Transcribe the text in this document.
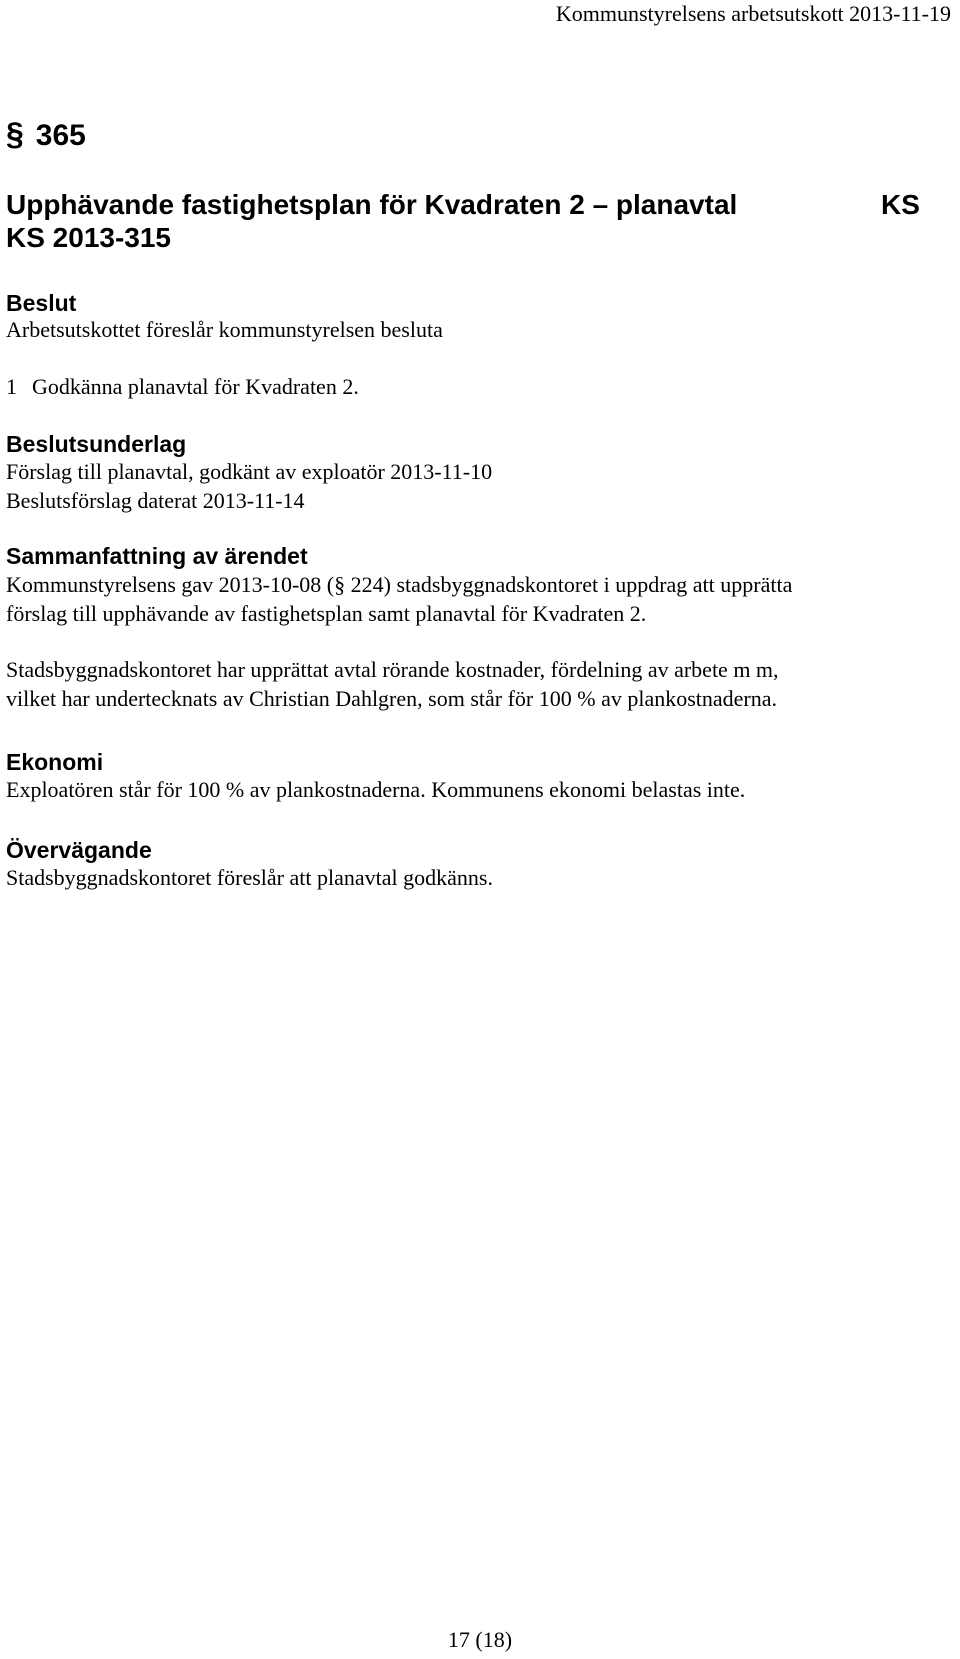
Kommunstyrelsens arbetsutskott 2013-11-19
§ 365
Upphävande fastighetsplan för Kvadraten 2 – planavtal	KS
KS 2013-315
Beslut
Arbetsutskottet föreslår kommunstyrelsen besluta
1 Godkänna planavtal för Kvadraten 2.
Beslutsunderlag
Förslag till planavtal, godkänt av exploatör 2013-11-10
Beslutsförslag daterat 2013-11-14
Sammanfattning av ärendet
Kommunstyrelsens gav 2013-10-08 (§ 224) stadsbyggnadskontoret i uppdrag att upprätta
förslag till upphävande av fastighetsplan samt planavtal för Kvadraten 2.
Stadsbyggnadskontoret har upprättat avtal rörande kostnader, fördelning av arbete m m,
vilket har undertecknats av Christian Dahlgren, som står för 100 % av plankostnaderna.
Ekonomi
Exploatören står för 100 % av plankostnaderna. Kommunens ekonomi belastas inte.
Övervägande
Stadsbyggnadskontoret föreslår att planavtal godkänns.
17 (18)
